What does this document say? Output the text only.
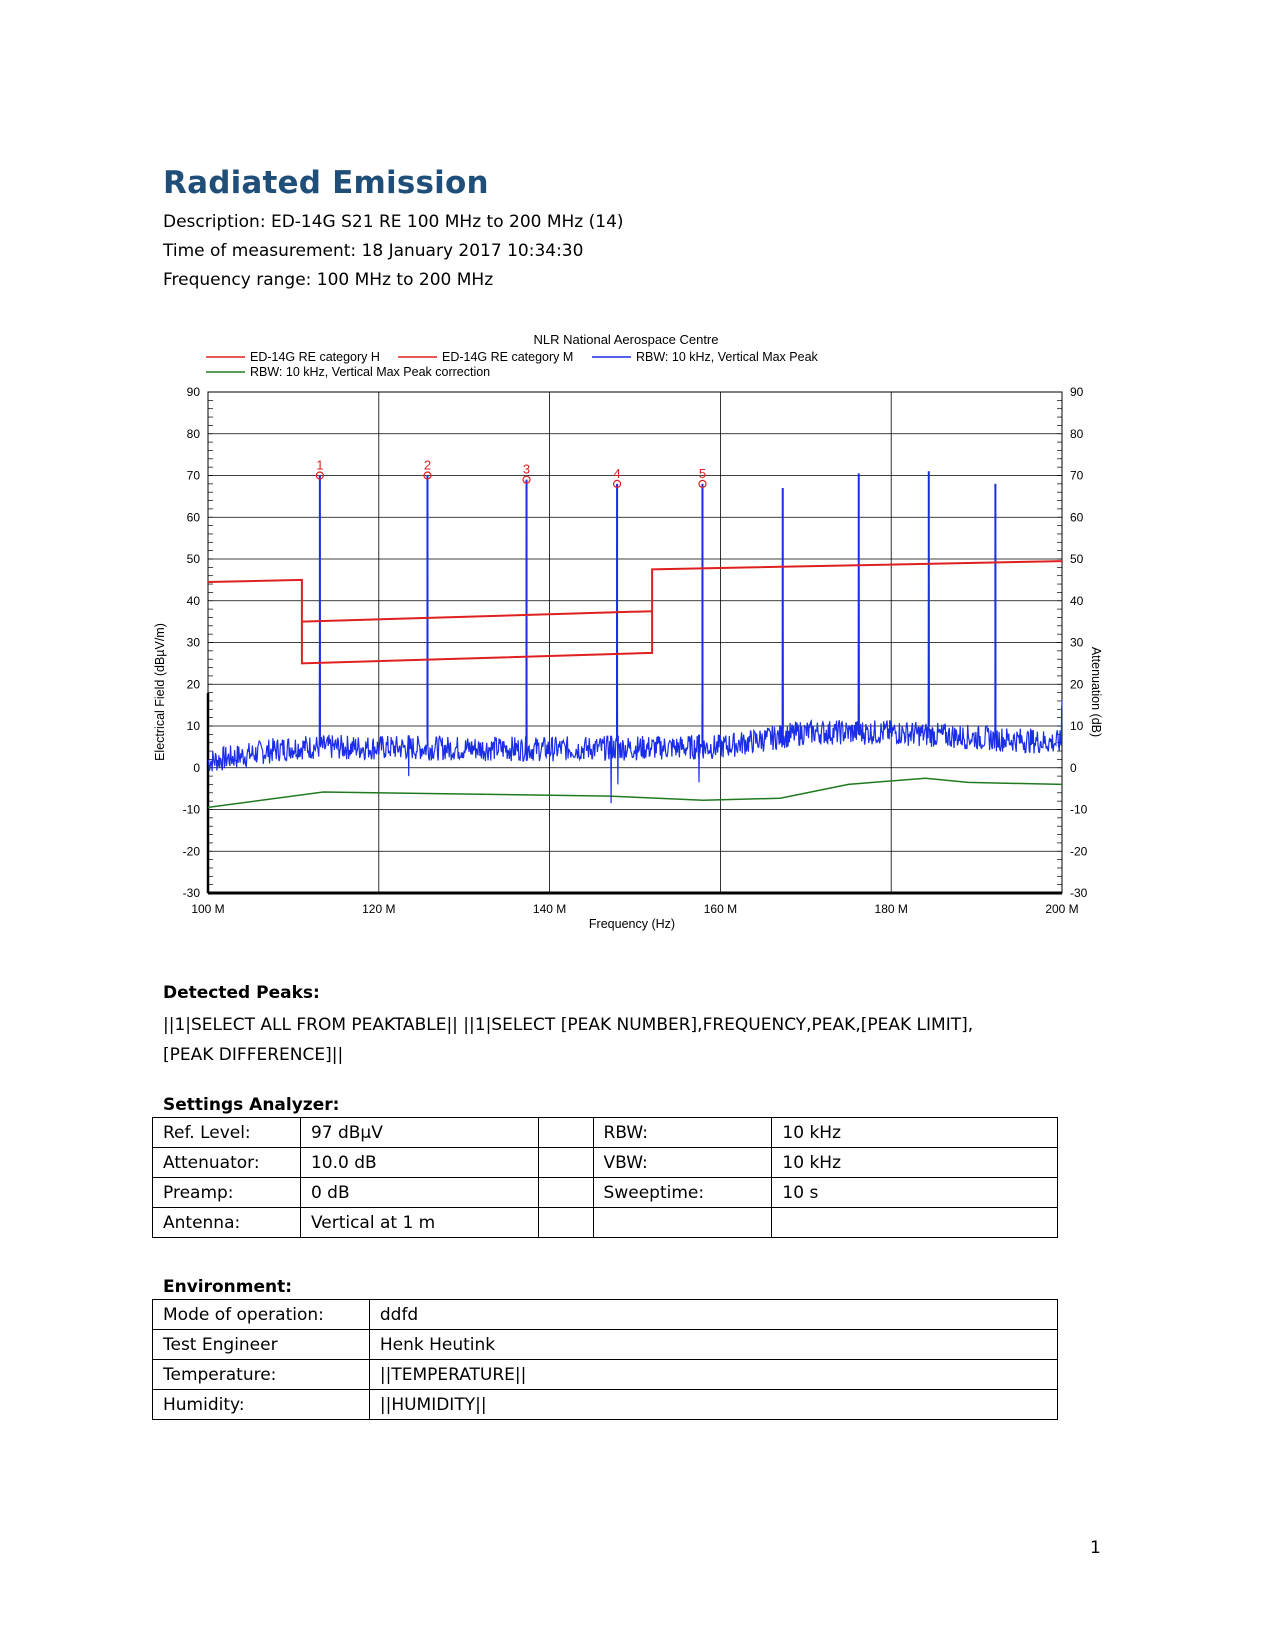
Radiated Emission
Description: ED-14G S21 RE 100 MHz to 200 MHz (14)
Time of measurement: 18 January 2017 10:34:30
Frequency range: 100 MHz to 200 MHz
NLR National Aerospace Centre
ED-14G RE category H	ED-14G RE category M	RBW: 10 kHz, Vertical Max Peak
RBW: 10 kHz, Vertical Max Peak correction
90	90
80	80
70	70
60	60
50	50
40	40
30	30
20	20
10	10
0	0
-10	-10
-20	-20
-30	-30
100 M	120 M	140 M	160 M	180 M	200 M
1	2	3	4	5
Electrical Field (dBµV/m)	Attenuation (dB)
Frequency (Hz)
Detected Peaks:
||1|SELECT ALL FROM PEAKTABLE|| ||1|SELECT [PEAK NUMBER],FREQUENCY,PEAK,[PEAK LIMIT],[PEAK DIFFERENCE]||
Settings Analyzer:
Ref. Level:	97 dBµV		RBW:	10 kHz
Attenuator:	10.0 dB		VBW:	10 kHz
Preamp:	0 dB		Sweeptime:	10 s
Antenna:	Vertical at 1 m			
Environment:
Mode of operation:	ddfd
Test Engineer	Henk Heutink
Temperature:	||TEMPERATURE||
Humidity:	||HUMIDITY||
1
